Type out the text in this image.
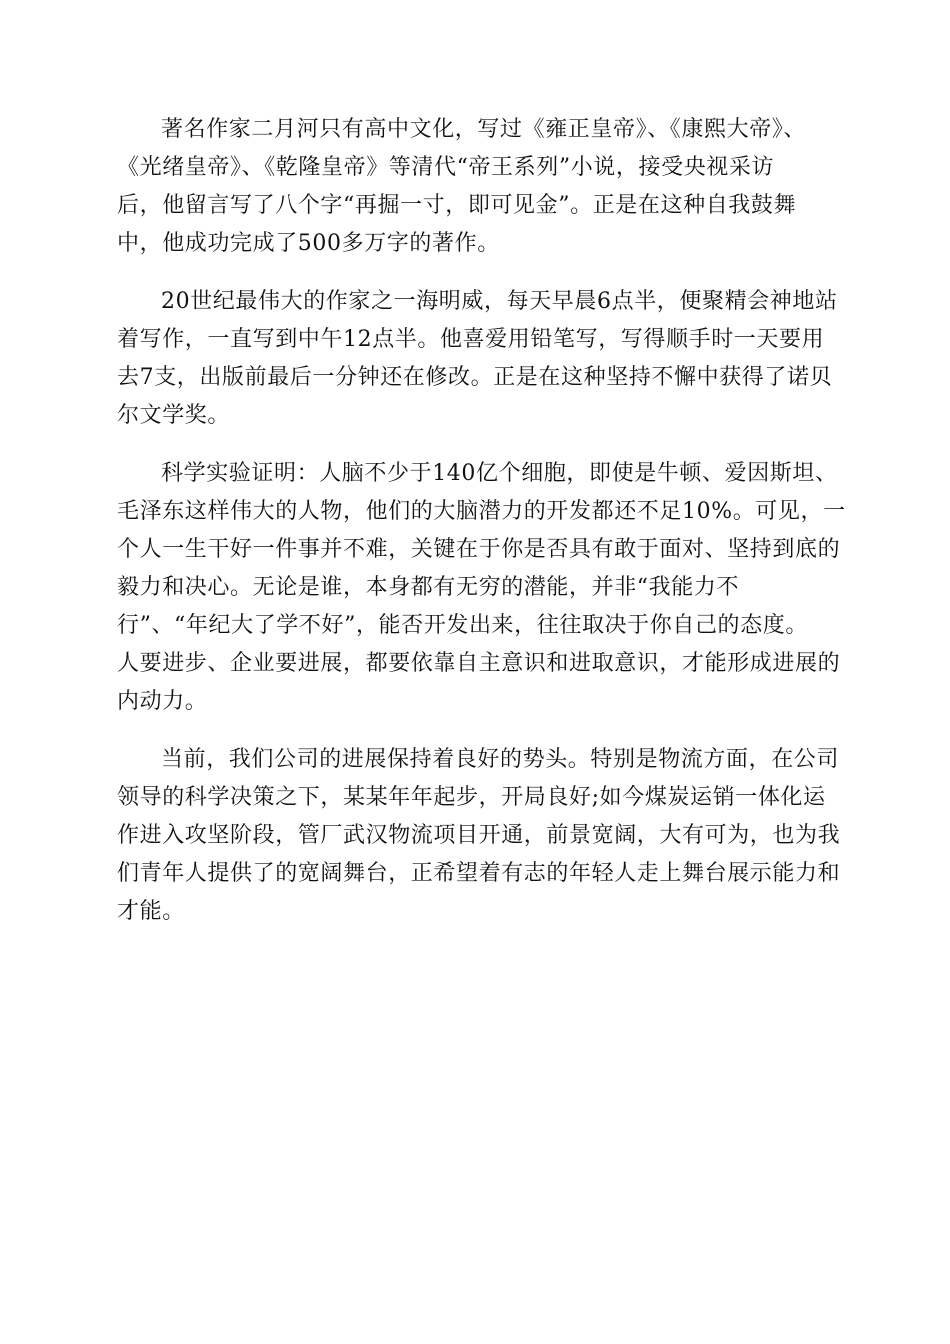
著名作家二月河只有高中文化，写过《雍正皇帝》、《康熙大帝》、
《光绪皇帝》、《乾隆皇帝》等清代“帝王系列”小说，接受央视采访
后，他留言写了八个字“再掘一寸，即可见金”。正是在这种自我鼓舞
中，他成功完成了500多万字的著作。
20世纪最伟大的作家之一海明威，每天早晨6点半，便聚精会神地站
着写作，一直写到中午12点半。他喜爱用铅笔写，写得顺手时一天要用
去7支，出版前最后一分钟还在修改。正是在这种坚持不懈中获得了诺贝
尔文学奖。
科学实验证明：人脑不少于140亿个细胞，即使是牛顿、爱因斯坦、
毛泽东这样伟大的人物，他们的大脑潜力的开发都还不足10%。可见，一
个人一生干好一件事并不难，关键在于你是否具有敢于面对、坚持到底的
毅力和决心。无论是谁，本身都有无穷的潜能，并非“我能力不
行”、“年纪大了学不好”，能否开发出来，往往取决于你自己的态度。
人要进步、企业要进展，都要依靠自主意识和进取意识，才能形成进展的
内动力。
当前，我们公司的进展保持着良好的势头。特别是物流方面，在公司
领导的科学决策之下，某某年年起步，开局良好;如今煤炭运销一体化运
作进入攻坚阶段，管厂武汉物流项目开通，前景宽阔，大有可为，也为我
们青年人提供了的宽阔舞台，正希望着有志的年轻人走上舞台展示能力和
才能。
